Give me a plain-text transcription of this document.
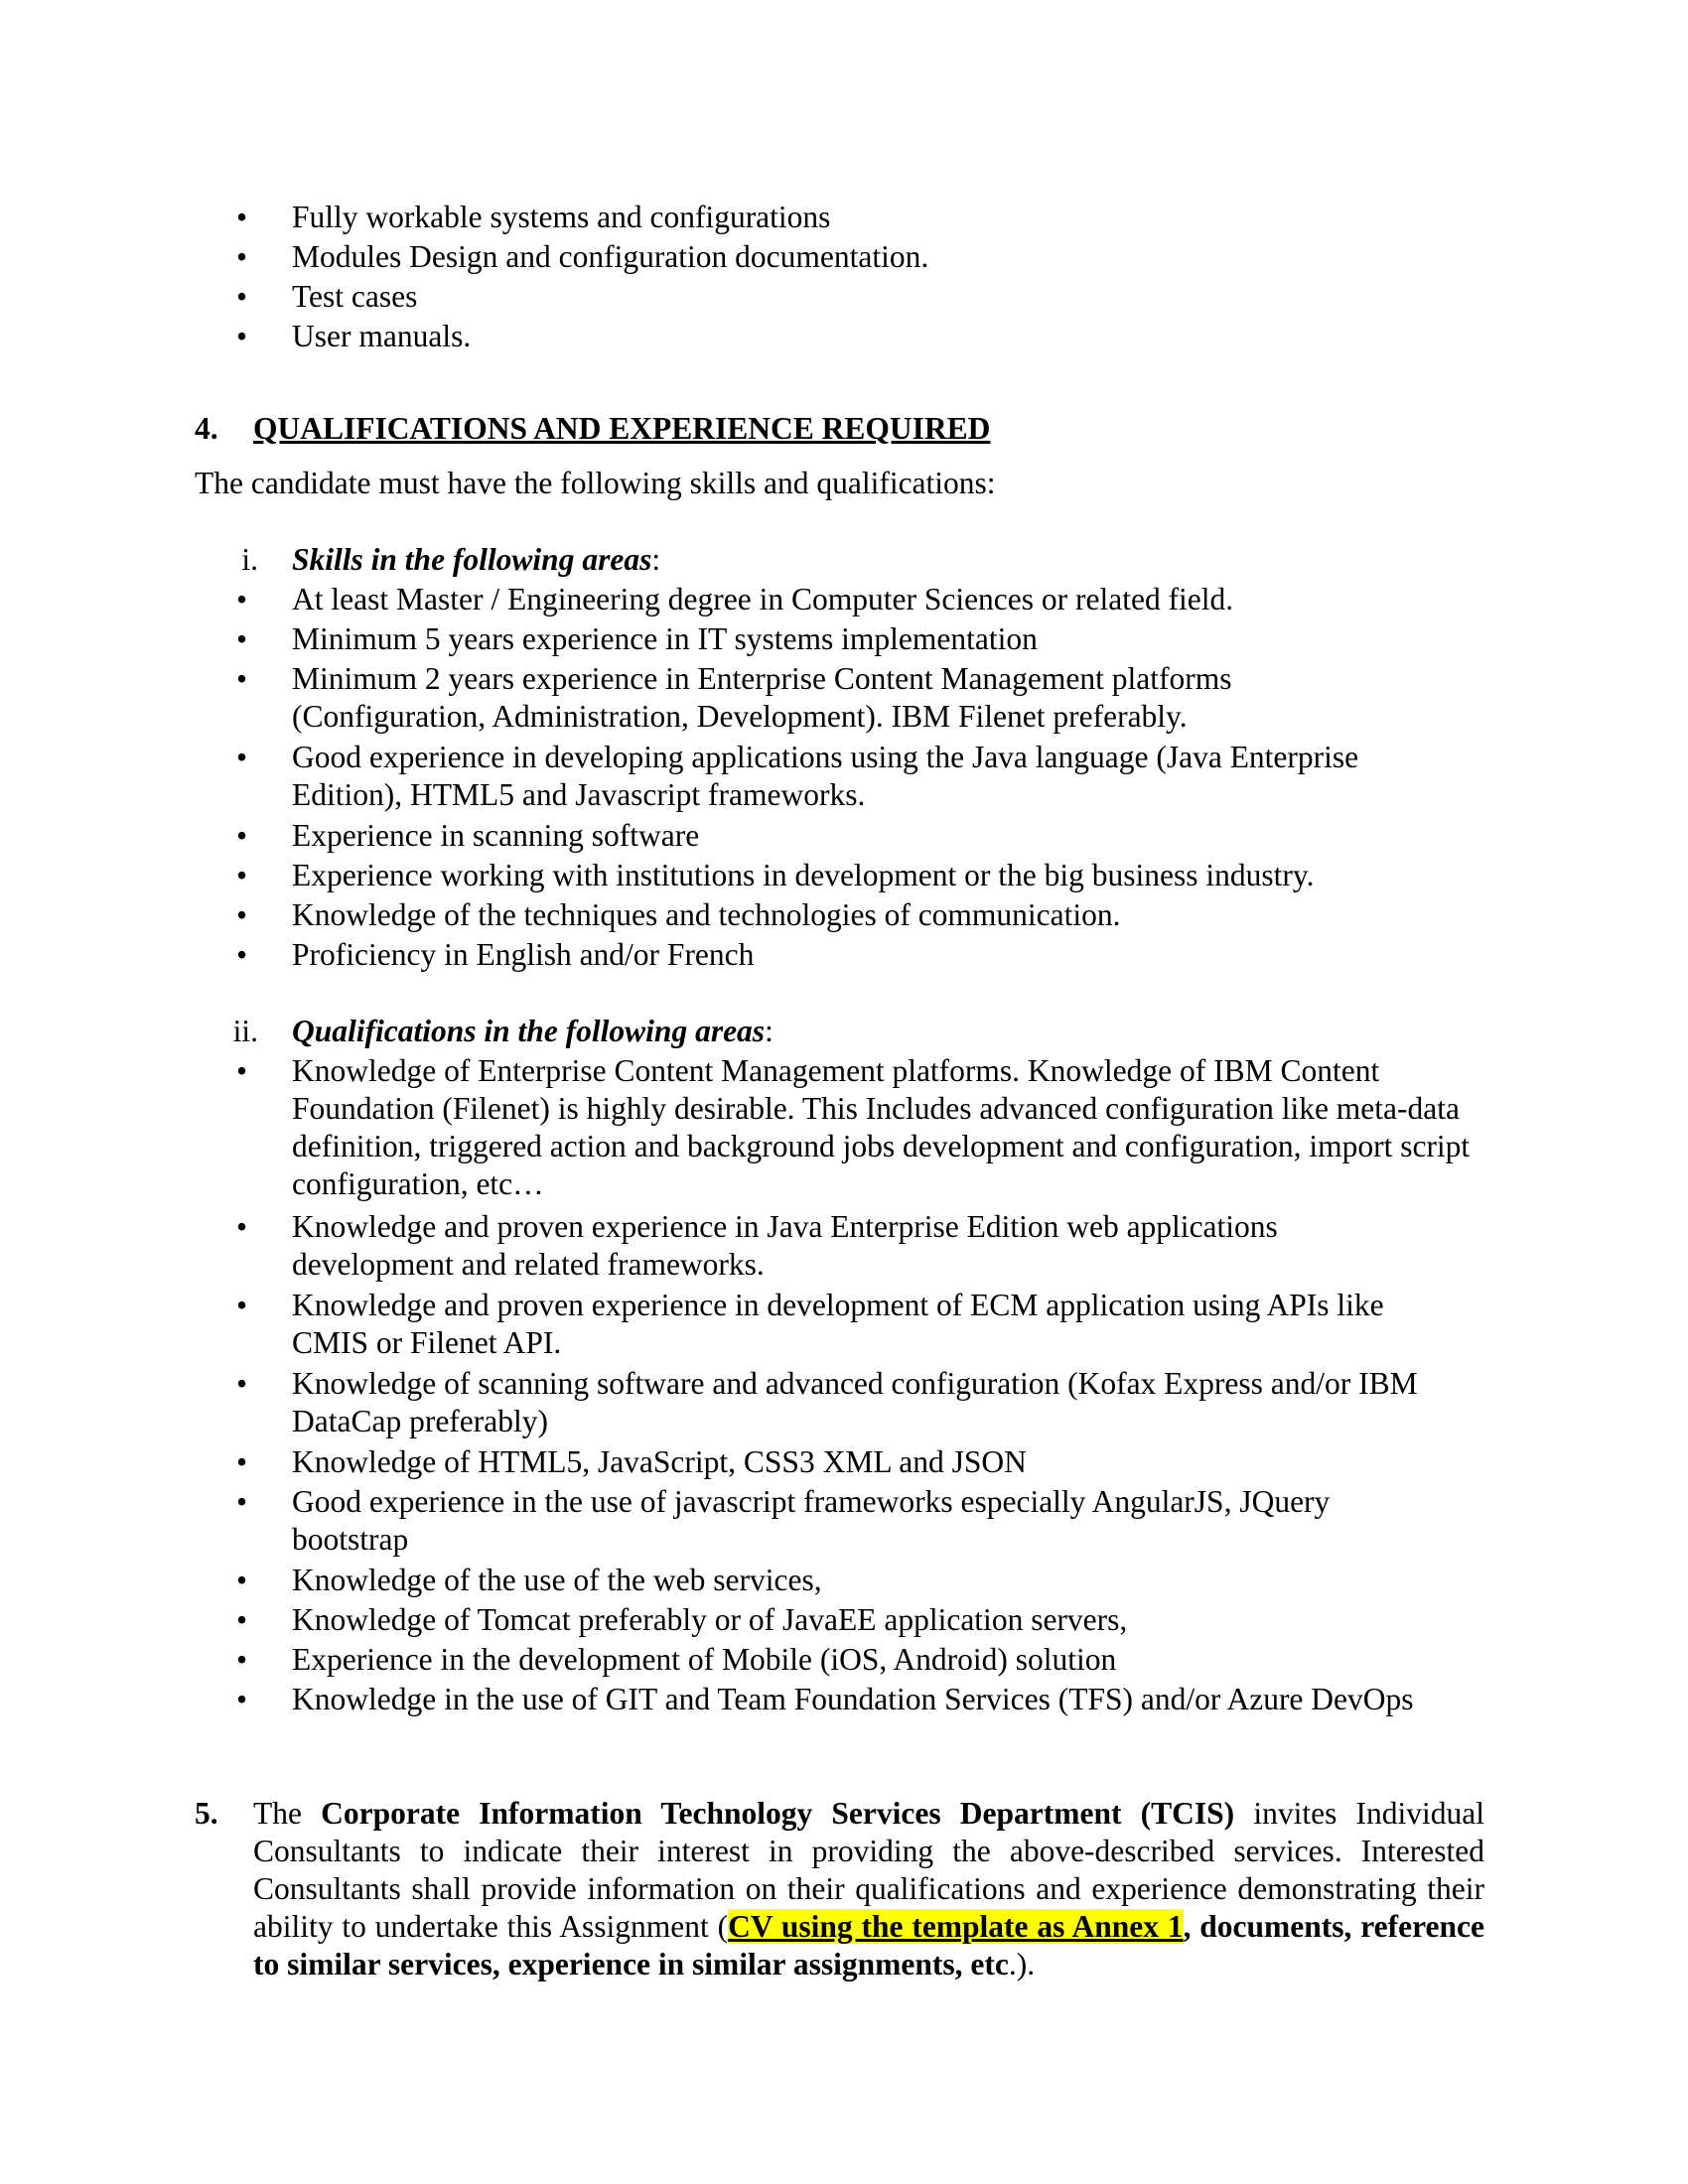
• Fully workable systems and configurations
• Modules Design and configuration documentation.
• Test cases
• User manuals.
4. QUALIFICATIONS AND EXPERIENCE REQUIRED
The candidate must have the following skills and qualifications:
i. Skills in the following areas:
• At least Master / Engineering degree in Computer Sciences or related field.
• Minimum 5 years experience in IT systems implementation
• Minimum 2 years experience in Enterprise Content Management platforms (Configuration, Administration, Development). IBM Filenet preferably.
• Good experience in developing applications using the Java language (Java Enterprise Edition), HTML5 and Javascript frameworks.
• Experience in scanning software
• Experience working with institutions in development or the big business industry.
• Knowledge of the techniques and technologies of communication.
• Proficiency in English and/or French
ii. Qualifications in the following areas:
• Knowledge of Enterprise Content Management platforms. Knowledge of IBM Content Foundation (Filenet) is highly desirable. This Includes advanced configuration like meta-data definition, triggered action and background jobs development and configuration, import script configuration, etc…
• Knowledge and proven experience in Java Enterprise Edition web applications development and related frameworks.
• Knowledge and proven experience in development of ECM application using APIs like CMIS or Filenet API.
• Knowledge of scanning software and advanced configuration (Kofax Express and/or IBM DataCap preferably)
• Knowledge of HTML5, JavaScript, CSS3 XML and JSON
• Good experience in the use of javascript frameworks especially AngularJS, JQuery bootstrap
• Knowledge of the use of the web services,
• Knowledge of Tomcat preferably or of JavaEE application servers,
• Experience in the development of Mobile (iOS, Android) solution
• Knowledge in the use of GIT and Team Foundation Services (TFS) and/or Azure DevOps
5. The Corporate Information Technology Services Department (TCIS) invites Individual Consultants to indicate their interest in providing the above-described services. Interested Consultants shall provide information on their qualifications and experience demonstrating their ability to undertake this Assignment (CV using the template as Annex 1, documents, reference to similar services, experience in similar assignments, etc.).
